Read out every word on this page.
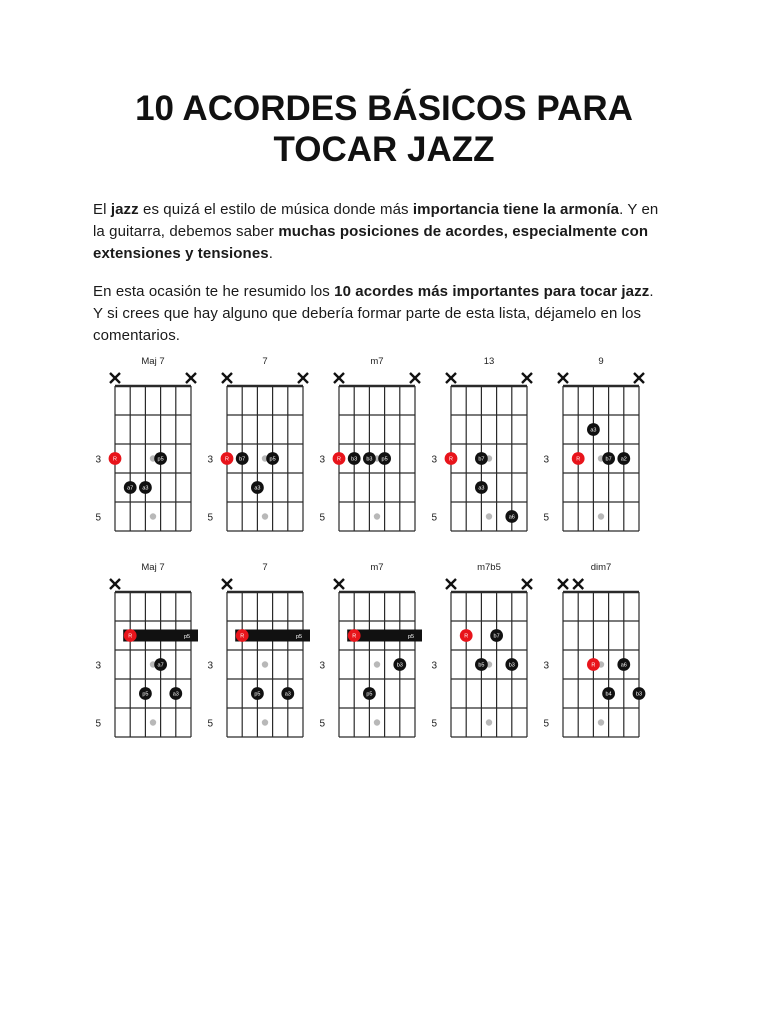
10 ACORDES BÁSICOS PARA
TOCAR JAZZ

El jazz es quizá el estilo de música donde más importancia tiene la armonía. Y en la guitarra, debemos saber muchas posiciones de acordes, especialmente con extensiones y tensiones.

En esta ocasión te he resumido los 10 acordes más importantes para tocar jazz. Y si crees que hay alguno que debería formar parte de esta lista, déjamelo en los comentarios.

Maj 7
3
5
R	p5
a7 a3
7
3
5
R b7	p5
a3
m7
3
5
R b3 b3 p5
13
3
5
R	b7
a3
a6
9
3
5
a3
R	b7 a2
Maj 7
3
5
p5
R
a7
p5	a3
7
3
5
p5
R
p5	a3
m7
3
5
p5
R
b3
p5
m7b5
3
5
R	b7
b5	b3
dim7
3
5
R	a6
b4	b3
